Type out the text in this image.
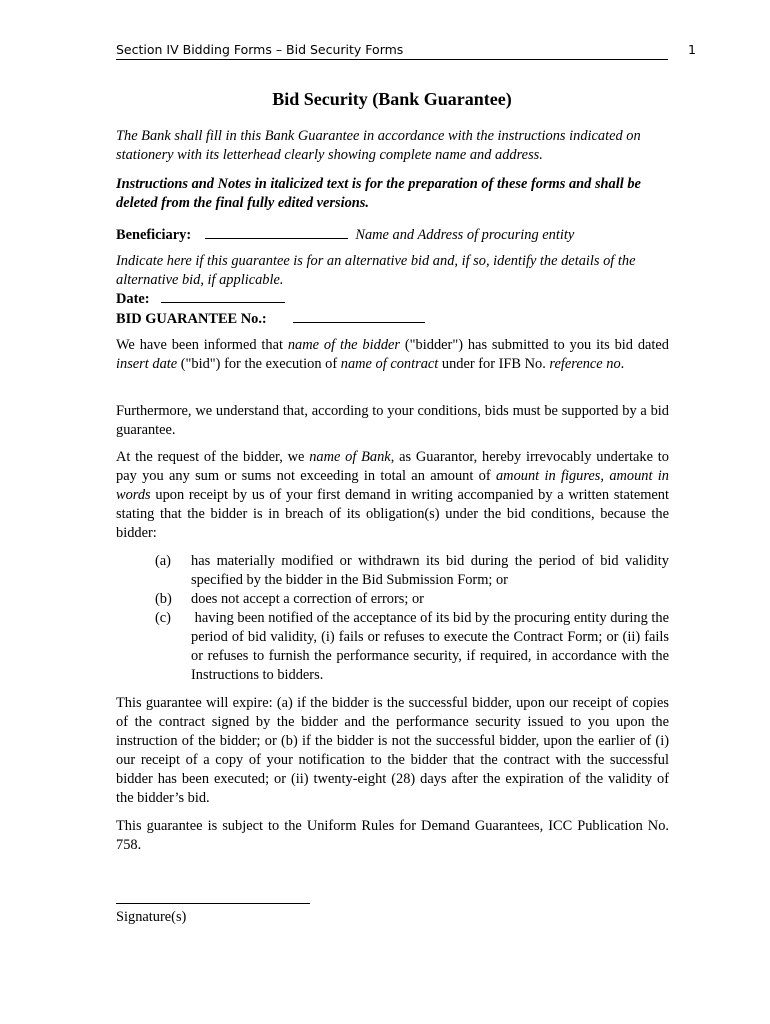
Section IV Bidding Forms – Bid Security Forms	1
Bid Security (Bank Guarantee)
The Bank shall fill in this Bank Guarantee in accordance with the instructions indicated on stationery with its letterhead clearly showing complete name and address.
Instructions and Notes in italicized text is for the preparation of these forms and shall be deleted from the final fully edited versions.
Beneficiary:	Name and Address of procuring entity
Indicate here if this guarantee is for an alternative bid and, if so, identify the details of the alternative bid, if applicable.
Date:
BID GUARANTEE No.:
We have been informed that name of the bidder ("bidder") has submitted to you its bid dated insert date ("bid") for the execution of name of contract under for IFB No. reference no.
Furthermore, we understand that, according to your conditions, bids must be supported by a bid guarantee.
At the request of the bidder, we name of Bank, as Guarantor, hereby irrevocably undertake to pay you any sum or sums not exceeding in total an amount of amount in figures, amount in words upon receipt by us of your first demand in writing accompanied by a written statement stating that the bidder is in breach of its obligation(s) under the bid conditions, because the bidder:
(a)	has materially modified or withdrawn its bid during the period of bid validity specified by the bidder in the Bid Submission Form; or
(b)	does not accept a correction of errors; or
(c)	having been notified of the acceptance of its bid by the procuring entity during the period of bid validity, (i) fails or refuses to execute the Contract Form; or (ii) fails or refuses to furnish the performance security, if required, in accordance with the Instructions to bidders.
This guarantee will expire: (a) if the bidder is the successful bidder, upon our receipt of copies of the contract signed by the bidder and the performance security issued to you upon the instruction of the bidder; or (b) if the bidder is not the successful bidder, upon the earlier of (i) our receipt of a copy of your notification to the bidder that the contract with the successful bidder has been executed; or (ii) twenty-eight (28) days after the expiration of the validity of the bidder’s bid.
This guarantee is subject to the Uniform Rules for Demand Guarantees, ICC Publication No. 758.
Signature(s)
